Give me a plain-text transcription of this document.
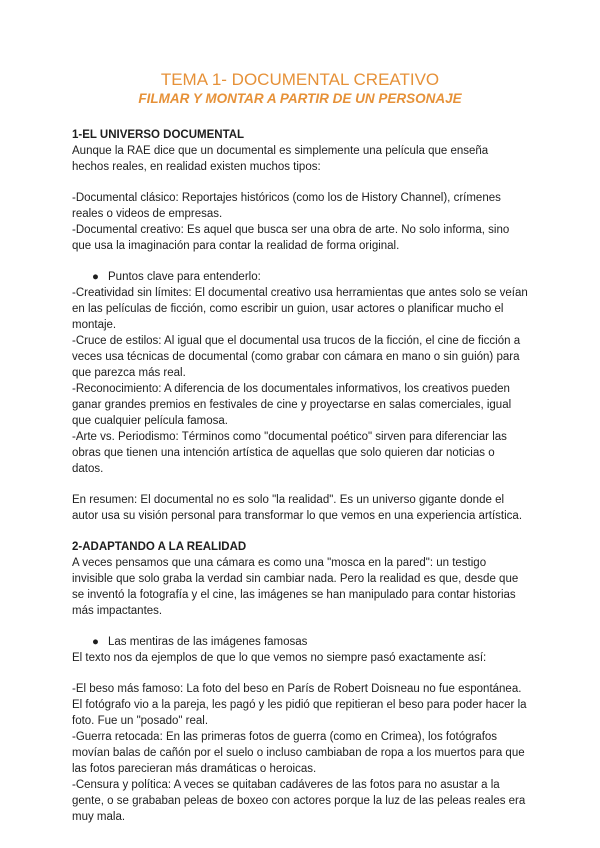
TEMA 1- DOCUMENTAL CREATIVO
FILMAR Y MONTAR A PARTIR DE UN PERSONAJE
1-EL UNIVERSO DOCUMENTAL

Aunque la RAE dice que un documental es simplemente una película que enseña hechos reales, en realidad existen muchos tipos:

-Documental clásico: Reportajes históricos (como los de History Channel), crímenes reales o videos de empresas.

-Documental creativo: Es aquel que busca ser una obra de arte. No solo informa, sino que usa la imaginación para contar la realidad de forma original.

● Puntos clave para entenderlo:

-Creatividad sin límites: El documental creativo usa herramientas que antes solo se veían en las películas de ficción, como escribir un guion, usar actores o planificar mucho el montaje.

-Cruce de estilos: Al igual que el documental usa trucos de la ficción, el cine de ficción a veces usa técnicas de documental (como grabar con cámara en mano o sin guión) para que parezca más real.

-Reconocimiento: A diferencia de los documentales informativos, los creativos pueden ganar grandes premios en festivales de cine y proyectarse en salas comerciales, igual que cualquier película famosa.

-Arte vs. Periodismo: Términos como "documental poético" sirven para diferenciar las obras que tienen una intención artística de aquellas que solo quieren dar noticias o datos.

En resumen: El documental no es solo "la realidad". Es un universo gigante donde el autor usa su visión personal para transformar lo que vemos en una experiencia artística.

2-ADAPTANDO A LA REALIDAD

A veces pensamos que una cámara es como una "mosca en la pared": un testigo invisible que solo graba la verdad sin cambiar nada. Pero la realidad es que, desde que se inventó la fotografía y el cine, las imágenes se han manipulado para contar historias más impactantes.

● Las mentiras de las imágenes famosas

El texto nos da ejemplos de que lo que vemos no siempre pasó exactamente así:

-El beso más famoso: La foto del beso en París de Robert Doisneau no fue espontánea. El fotógrafo vio a la pareja, les pagó y les pidió que repitieran el beso para poder hacer la foto. Fue un "posado" real.

-Guerra retocada: En las primeras fotos de guerra (como en Crimea), los fotógrafos movían balas de cañón por el suelo o incluso cambiaban de ropa a los muertos para que las fotos parecieran más dramáticas o heroicas.

-Censura y política: A veces se quitaban cadáveres de las fotos para no asustar a la gente, o se grababan peleas de boxeo con actores porque la luz de las peleas reales era muy mala.
